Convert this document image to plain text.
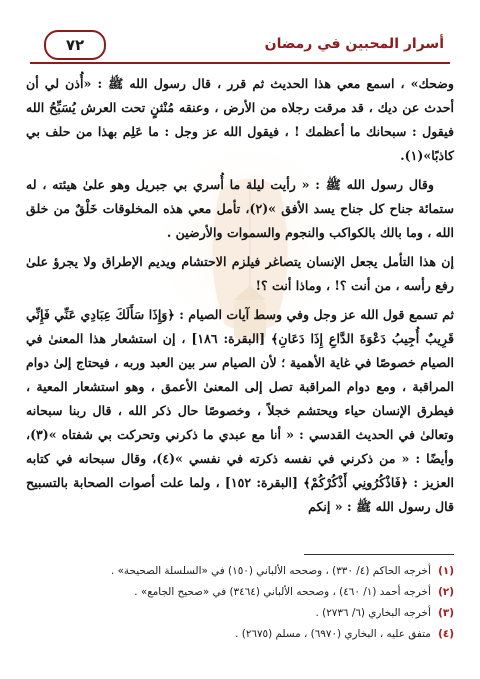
أسرار المحبين في رمضان
٧٢

وضحك» ، اسمع معي هذا الحديث ثم قرر ، قال رسول الله ﷺ : «أُذن لي أن أحدث عن ديك ، قد مرقت رجلاه من الأرض ، وعنقه مُنْثنٍ تحت العرش يُسَبِّحُ الله فيقول : سبحانك ما أعظمك ! ، فيقول الله عز وجل : ما عَلِم بهذا من حلف بي كاذبًا»(١).

وقال رسول الله ﷺ : « رأيت ليلة ما أُسري بي جبريل وهو علىٰ هيئته ، له ستمائة جناح كل جناح يسد الأفق »(٢)، تأمل معي هذه المخلوقات خَلْقٌ من خلق الله ، وما بالك بالكواكب والنجوم والسموات والأرضين .

إن هذا التأمل يجعل الإنسان يتصاغر فيلزم الاحتشام ويديم الإطراق ولا يجرؤ علىٰ رفع رأسه ، من أنت ؟! ، وماذا أنت ؟!

ثم تسمع قول الله عز وجل وفي وسط آيات الصيام : ﴿وَإِذَا سَأَلَكَ عِبَادِي عَنِّي فَإِنِّي قَرِيبٌ أُجِيبُ دَعْوَةَ الدَّاعِ إِذَا دَعَانِ﴾ [البقرة: ١٨٦] ، إن استشعار هذا المعنىٰ في الصيام خصوصًا في غاية الأهمية ؛ لأن الصيام سر بين العبد وربه ، فيحتاج إلىٰ دوام المراقبة ، ومع دوام المراقبة تصل إلى المعنىٰ الأعمق ، وهو استشعار المعية ، فيطرق الإنسان حياء ويحتشم خجلاً ، وخصوصًا حال ذكر الله ، قال ربنا سبحانه وتعالىٰ في الحديث القدسي : « أنا مع عبدي ما ذكرني وتحركت بي شفتاه »(٣)، وأيضًا : « من ذكرني في نفسه ذكرته في نفسي »(٤)، وقال سبحانه في كتابه العزيز : ﴿فَاذْكُرُونِي أَذْكُرْكُمْ﴾ [البقرة: ١٥٢] ، ولما علت أصوات الصحابة بالتسبيح قال رسول الله ﷺ : « إنكم

(١) أخرجه الحاكم (٤/ ٣٣٠) ، وصححه الألباني (١٥٠) في «السلسلة الصحيحة» .
(٢) أخرجه أحمد (١/ ٤٦٠) ، وصححه الألباني (٣٤٦٤) في «صحيح الجامع» .
(٣) أخرجه البخاري (٦/ ٢٧٣٦) .
(٤) متفق عليه ، البخاري (٦٩٧٠) ، مسلم (٢٦٧٥) .
